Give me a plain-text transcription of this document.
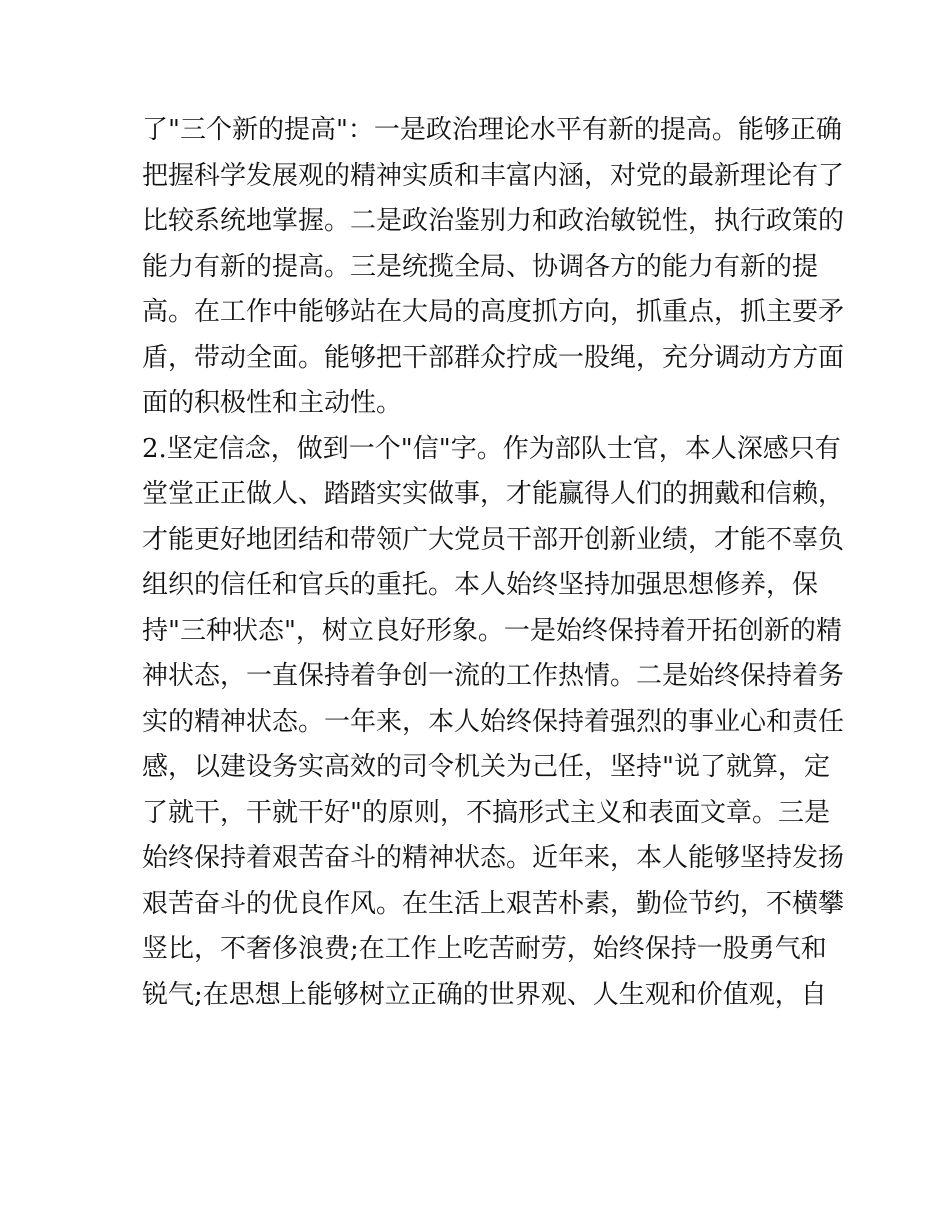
了"三个新的提高"：一是政治理论水平有新的提高。能够正确
把握科学发展观的精神实质和丰富内涵，对党的最新理论有了
比较系统地掌握。二是政治鉴别力和政治敏锐性，执行政策的
能力有新的提高。三是统揽全局、协调各方的能力有新的提
高。在工作中能够站在大局的高度抓方向，抓重点，抓主要矛
盾，带动全面。能够把干部群众拧成一股绳，充分调动方方面
面的积极性和主动性。
2.坚定信念，做到一个"信"字。作为部队士官，本人深感只有
堂堂正正做人、踏踏实实做事，才能赢得人们的拥戴和信赖，
才能更好地团结和带领广大党员干部开创新业绩，才能不辜负
组织的信任和官兵的重托。本人始终坚持加强思想修养，保
持"三种状态"，树立良好形象。一是始终保持着开拓创新的精
神状态，一直保持着争创一流的工作热情。二是始终保持着务
实的精神状态。一年来，本人始终保持着强烈的事业心和责任
感，以建设务实高效的司令机关为己任，坚持"说了就算，定
了就干，干就干好"的原则，不搞形式主义和表面文章。三是
始终保持着艰苦奋斗的精神状态。近年来，本人能够坚持发扬
艰苦奋斗的优良作风。在生活上艰苦朴素，勤俭节约，不横攀
竖比，不奢侈浪费;在工作上吃苦耐劳，始终保持一股勇气和
锐气;在思想上能够树立正确的世界观、人生观和价值观，自
